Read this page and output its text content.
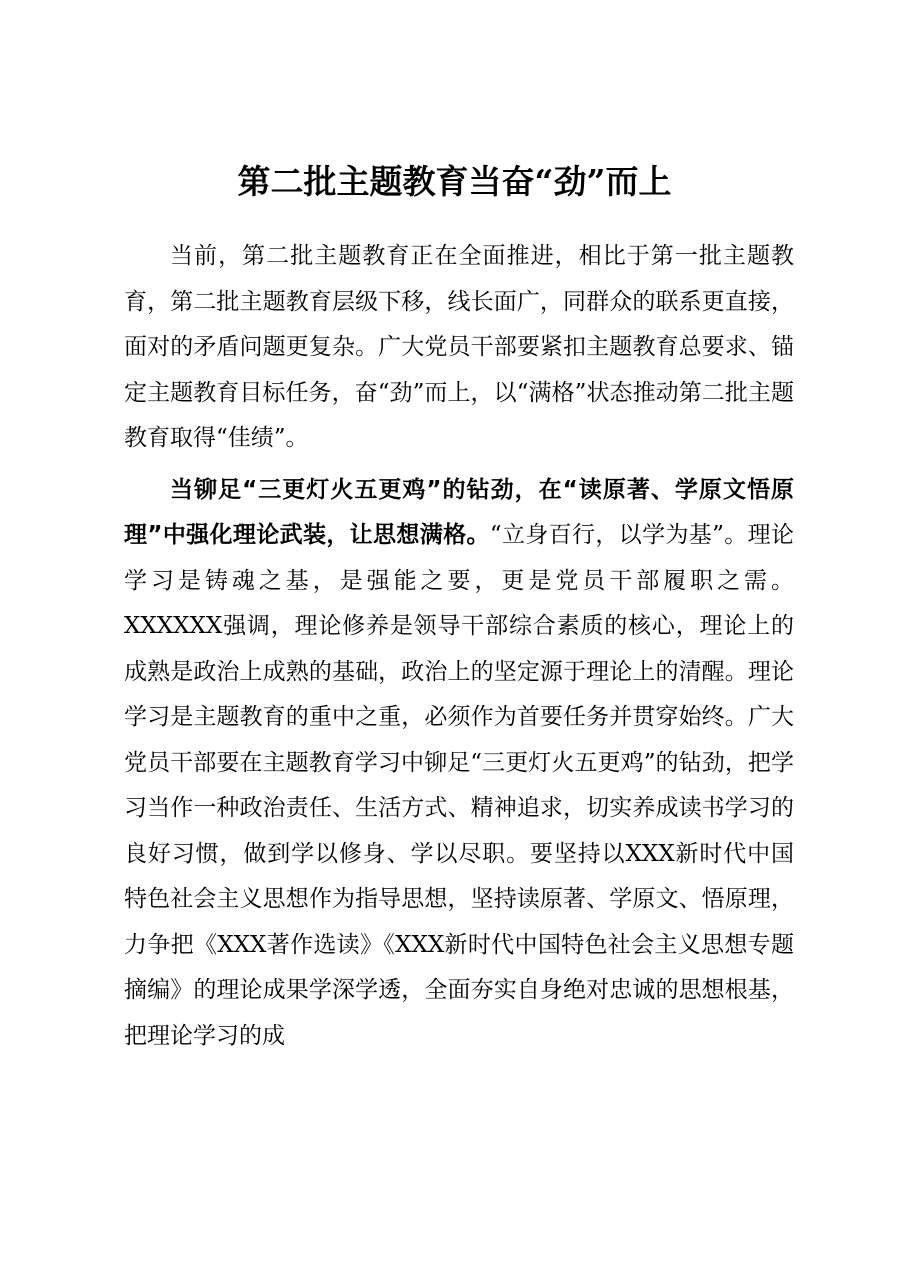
第二批主题教育当奋“劲”而上

当前，第二批主题教育正在全面推进，相比于第一批主题教育，第二批主题教育层级下移，线长面广，同群众的联系更直接，面对的矛盾问题更复杂。广大党员干部要紧扣主题教育总要求、锚定主题教育目标任务，奋“劲”而上，以“满格”状态推动第二批主题教育取得“佳绩”。

当铆足“三更灯火五更鸡”的钻劲，在“读原著、学原文悟原理”中强化理论武装，让思想满格。“立身百行，以学为基”。理论学习是铸魂之基，是强能之要，更是党员干部履职之需。XXXXXX强调，理论修养是领导干部综合素质的核心，理论上的成熟是政治上成熟的基础，政治上的坚定源于理论上的清醒。理论学习是主题教育的重中之重，必须作为首要任务并贯穿始终。广大党员干部要在主题教育学习中铆足“三更灯火五更鸡”的钻劲，把学习当作一种政治责任、生活方式、精神追求，切实养成读书学习的良好习惯，做到学以修身、学以尽职。要坚持以XXX新时代中国特色社会主义思想作为指导思想，坚持读原著、学原文、悟原理，力争把《XXX著作选读》《XXX新时代中国特色社会主义思想专题摘编》的理论成果学深学透，全面夯实自身绝对忠诚的思想根基，把理论学习的成
